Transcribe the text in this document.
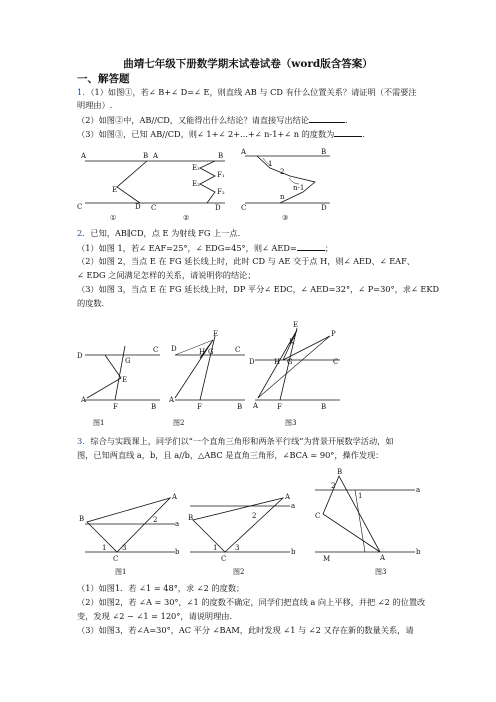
曲靖七年级下册数学期末试卷试卷（word版含答案）
一、解答题
1．（1）如图①，若∠ B+∠ D=∠ E，则直线 AB 与 CD 有什么位置关系？请证明（不需要注
明理由）.
（2）如图②中，AB//CD，又能得出什么结论？请直接写出结论	．
（3）如图③，已知 AB//CD，则∠ 1+∠ 2+...+∠ n-1+∠ n 的度数为	．
A	B
E
C	D
A	B
E₁
F₁
E₂
F₂
C	D
A	B
1
2
n-1
n
C	D
①	②	③
2．已知，AB∥CD，点 E 为射线 FG 上一点．
（1）如图 1，若∠ EAF=25°，∠ EDG=45°，则∠ AED=	；
（2）如图 2，当点 E 在 FG 延长线上时，此时 CD 与 AE 交于点 H，则∠ AED、∠ EAF、
∠ EDG 之间满足怎样的关系，请说明你的结论；
（3）如图 3，当点 E 在 FG 延长线上时，DP 平分∠ EDC，∠ AED=32°，∠ P=30°，求∠ EKD
的度数．
D
G
C
E
A
F	B
D	H G
E
C
A
F	B
D	H G
E
K
P
C
A	F	B
图1	图2	图3
3．综合与实践课上，同学们以“一个直角三角形和两条平行线”为背景开展数学活动，如
图，已知两直线 a，b，且 a//b，△ABC 是直角三角形，∠BCA = 90°，操作发现：
A
B
C
a
b
2
1 3
A
B
C
a
b
2
1	3
B
C
A
M
a
b
2
1
图1	图2	图3
（1）如图1．若 ∠1 = 48°，求 ∠2 的度数；
（2）如图2，若 ∠A = 30°，∠1 的度数不确定，同学们把直线 a 向上平移，并把 ∠2 的位置改
变，发现 ∠2 − ∠1 = 120°，请说明理由．
（3）如图3，若∠A=30°，AC 平分 ∠BAM，此时发现 ∠1 与 ∠2 又存在新的数量关系，请
